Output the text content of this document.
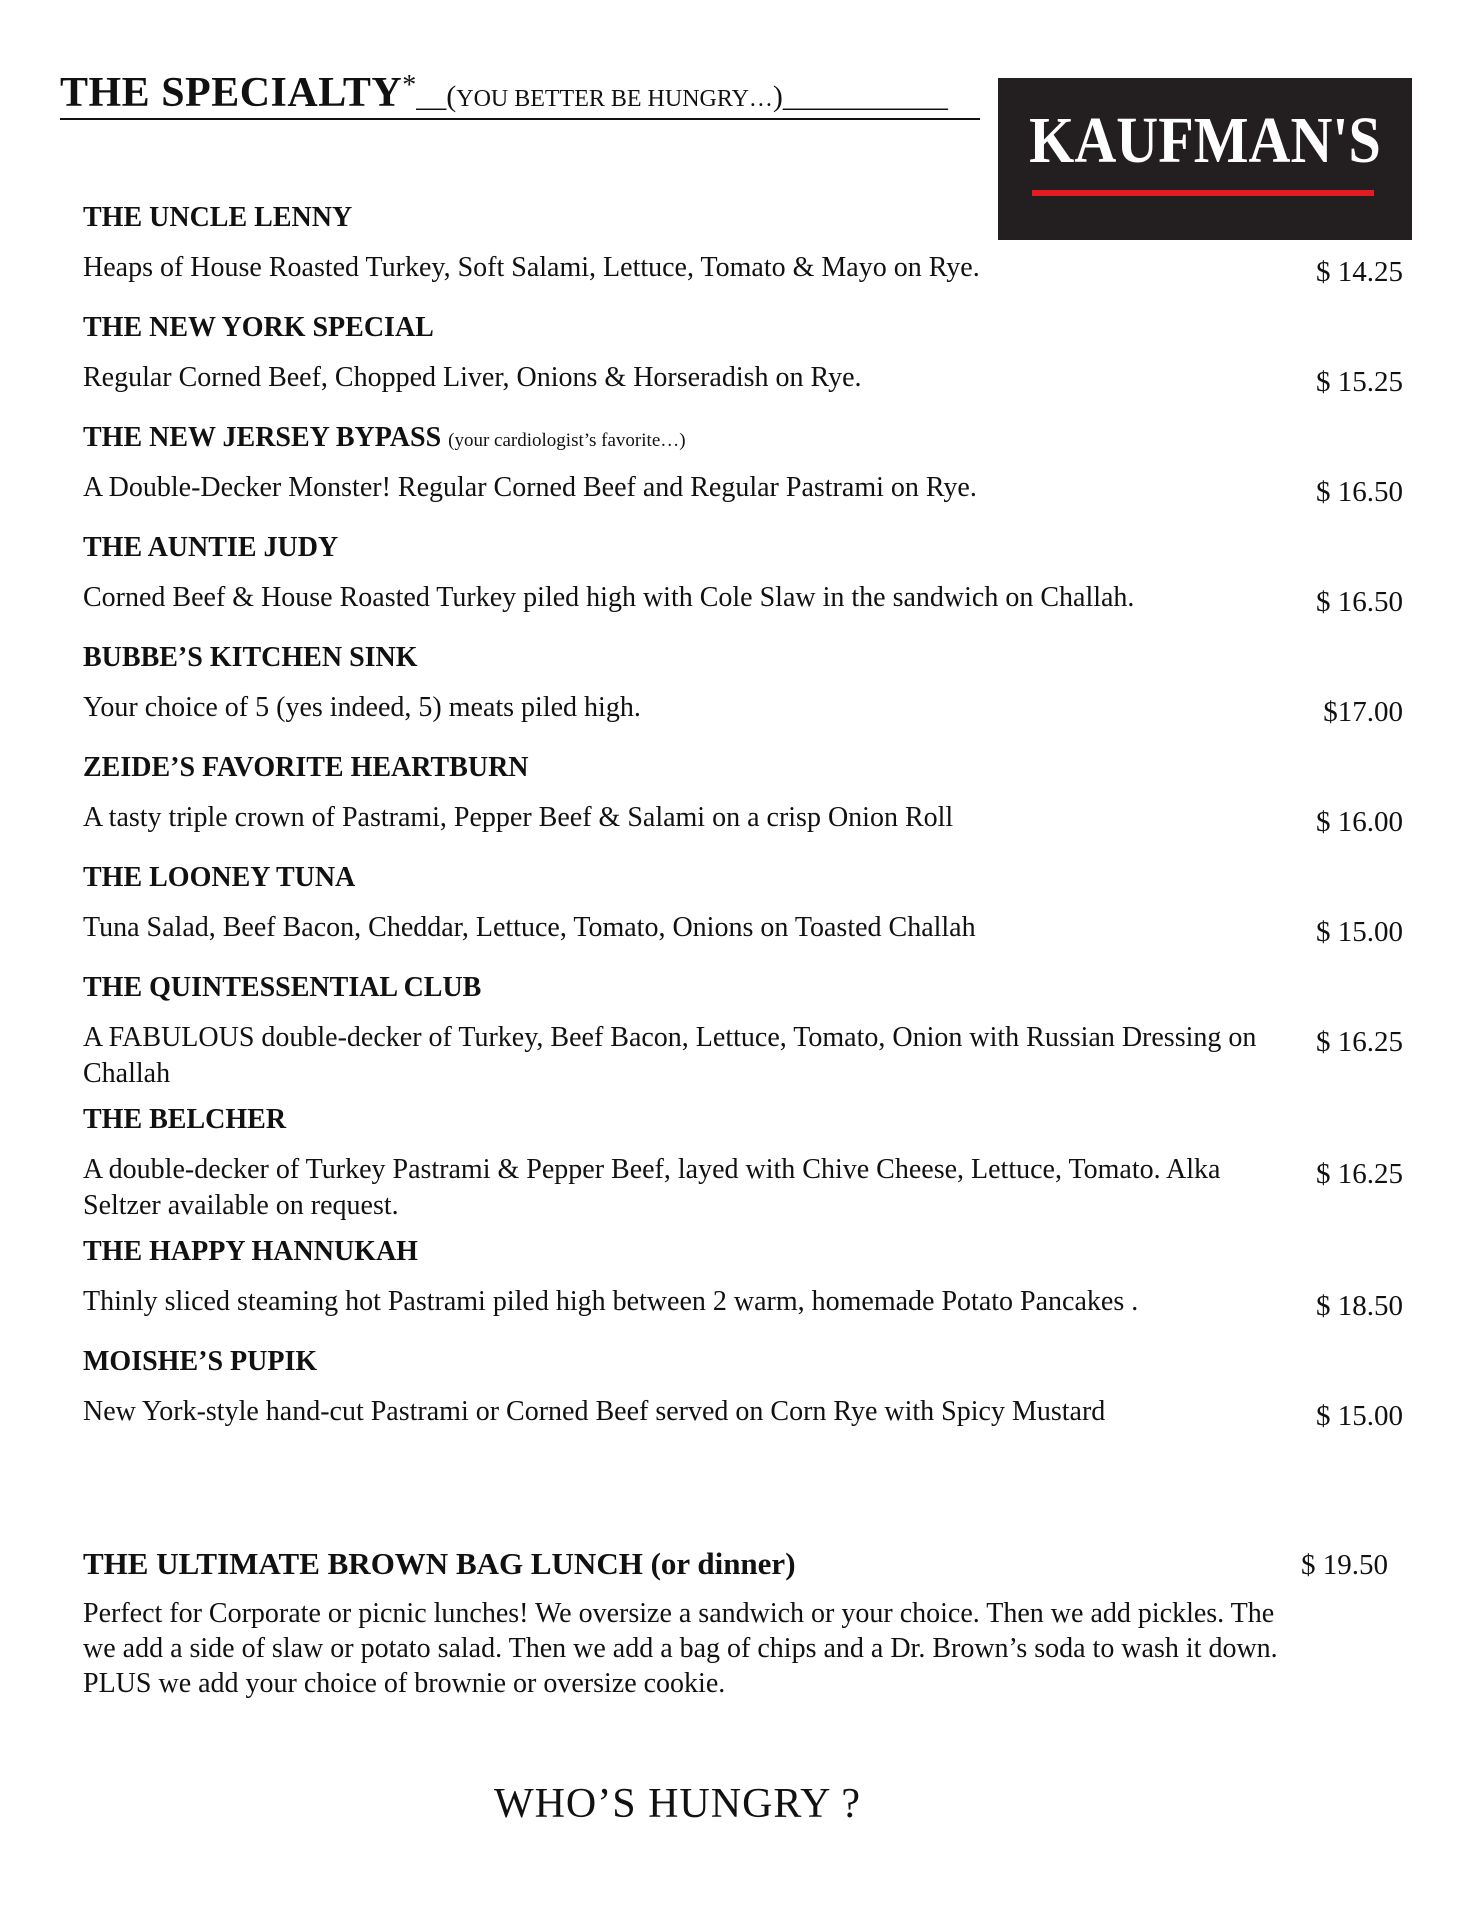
THE SPECIALTY*__(YOU BETTER BE HUNGRY…)___________
KAUFMAN'S
THE UNCLE LENNY
Heaps of House Roasted Turkey, Soft Salami, Lettuce, Tomato & Mayo on Rye.	$ 14.25
THE NEW YORK SPECIAL
Regular Corned Beef, Chopped Liver, Onions & Horseradish on Rye.	$ 15.25
THE NEW JERSEY BYPASS (your cardiologist’s favorite…)
A Double-Decker Monster! Regular Corned Beef and Regular Pastrami on Rye.	$ 16.50
THE AUNTIE JUDY
Corned Beef & House Roasted Turkey piled high with Cole Slaw in the sandwich on Challah.	$ 16.50
BUBBE’S KITCHEN SINK
Your choice of 5 (yes indeed, 5) meats piled high.	$17.00
ZEIDE’S FAVORITE HEARTBURN
A tasty triple crown of Pastrami, Pepper Beef & Salami on a crisp Onion Roll	$ 16.00
THE LOONEY TUNA
Tuna Salad, Beef Bacon, Cheddar, Lettuce, Tomato, Onions on Toasted Challah	$ 15.00
THE QUINTESSENTIAL CLUB
A FABULOUS double-decker of Turkey, Beef Bacon, Lettuce, Tomato, Onion with Russian Dressing on Challah
$ 16.25
THE BELCHER
A double-decker of Turkey Pastrami & Pepper Beef, layed with Chive Cheese, Lettuce, Tomato. Alka Seltzer available on request.
$ 16.25
THE HAPPY HANNUKAH
Thinly sliced steaming hot Pastrami piled high between 2 warm, homemade Potato Pancakes .	$ 18.50
MOISHE’S PUPIK
New York-style hand-cut Pastrami or Corned Beef served on Corn Rye with Spicy Mustard	$ 15.00
THE ULTIMATE BROWN BAG LUNCH (or dinner)	$ 19.50
Perfect for Corporate or picnic lunches! We oversize a sandwich or your choice. Then we add pickles. The we add a side of slaw or potato salad. Then we add a bag of chips and a Dr. Brown’s soda to wash it down. PLUS we add your choice of brownie or oversize cookie.
WHO’S HUNGRY ?
